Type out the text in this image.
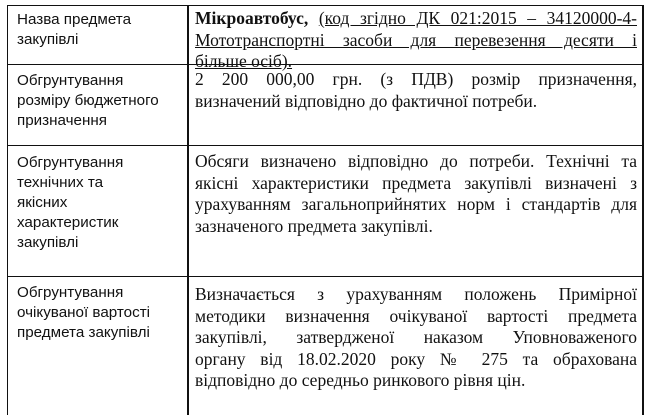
Назва предмета
закупівлі
Мікроавтобус, (код згідно ДК 021:2015 – 34120000-4-
Мототранспортні засоби для перевезення десяти і
більше осіб).
Обгрунтування
розміру бюджетного
призначення
2 200 000,00 грн. (з ПДВ) розмір призначення,
визначений відповідно до фактичної потреби.
Обгрунтування
технічних та
якісних
характеристик
закупівлі
Обсяги визначено відповідно до потреби. Технічні та
якісні характеристики предмета закупівлі визначені з
урахуванням загальноприйнятих норм і стандартів для
зазначеного предмета закупівлі.
Обгрунтування
очікуваної вартості
предмета закупівлі
Визначається з урахуванням положень Примірної
методики визначення очікуваної вартості предмета
закупівлі, затвердженої наказом Уповноваженого
органу від 18.02.2020 року № 275 та обрахована
відповідно до середньо ринкового рівня цін.
